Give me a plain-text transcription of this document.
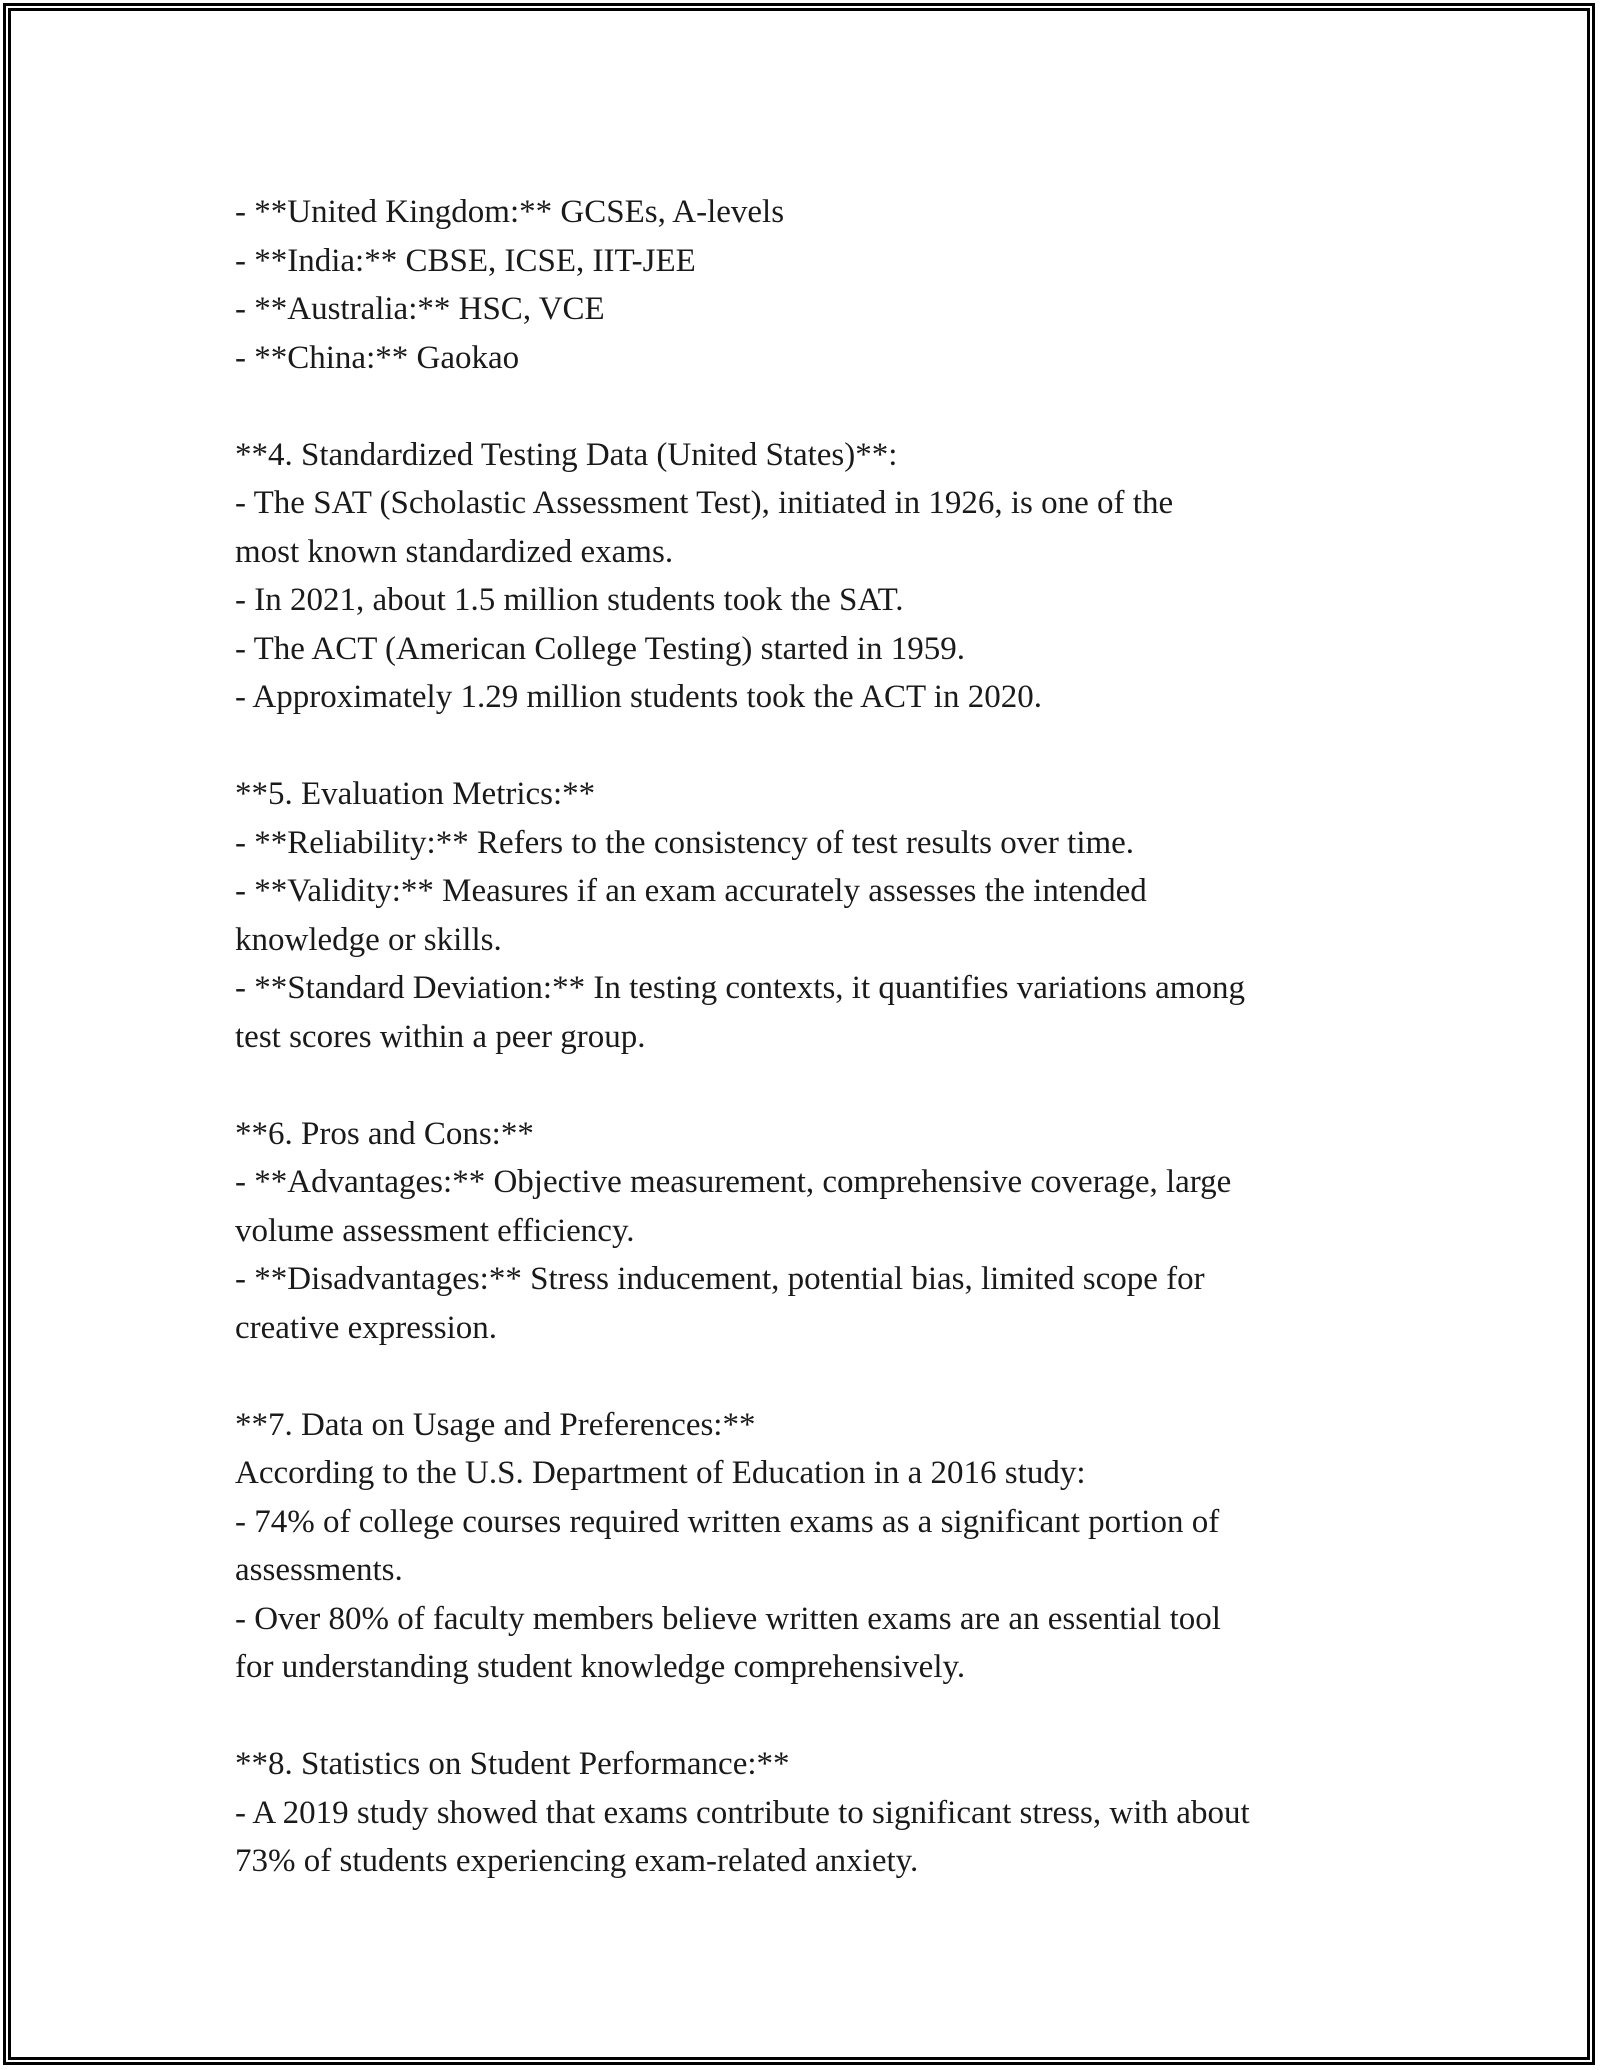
- **United Kingdom:** GCSEs, A-levels
- **India:** CBSE, ICSE, IIT-JEE
- **Australia:** HSC, VCE
- **China:** Gaokao
**4. Standardized Testing Data (United States)**:
- The SAT (Scholastic Assessment Test), initiated in 1926, is one of the
most known standardized exams.
- In 2021, about 1.5 million students took the SAT.
- The ACT (American College Testing) started in 1959.
- Approximately 1.29 million students took the ACT in 2020.
**5. Evaluation Metrics:**
- **Reliability:** Refers to the consistency of test results over time.
- **Validity:** Measures if an exam accurately assesses the intended
knowledge or skills.
- **Standard Deviation:** In testing contexts, it quantifies variations among
test scores within a peer group.
**6. Pros and Cons:**
- **Advantages:** Objective measurement, comprehensive coverage, large
volume assessment efficiency.
- **Disadvantages:** Stress inducement, potential bias, limited scope for
creative expression.
**7. Data on Usage and Preferences:**
According to the U.S. Department of Education in a 2016 study:
- 74% of college courses required written exams as a significant portion of
assessments.
- Over 80% of faculty members believe written exams are an essential tool
for understanding student knowledge comprehensively.
**8. Statistics on Student Performance:**
- A 2019 study showed that exams contribute to significant stress, with about
73% of students experiencing exam-related anxiety.
